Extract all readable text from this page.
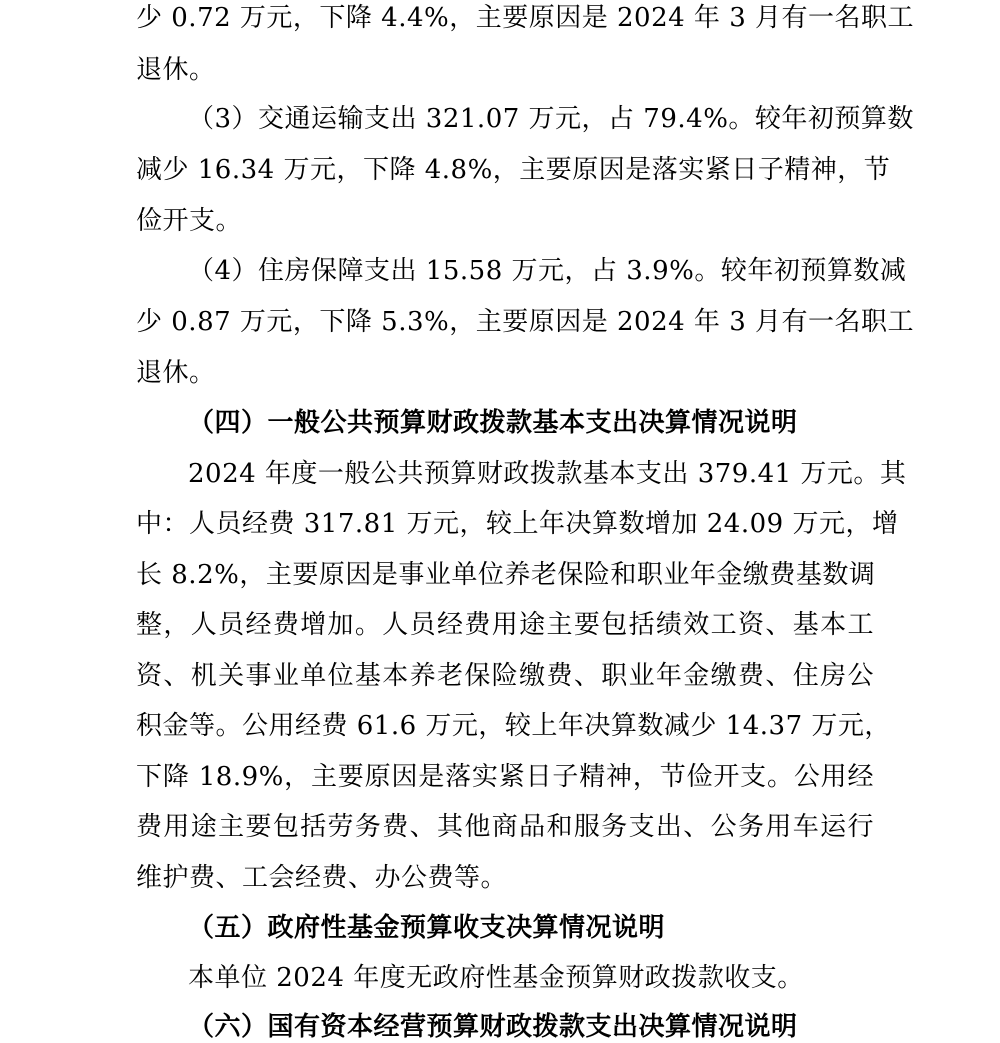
少 0.72 万元，下降 4.4%，主要原因是 2024 年 3 月有一名职工
退休。
（3）交通运输支出 321.07 万元，占 79.4%。较年初预算数
减少 16.34 万元，下降 4.8%，主要原因是落实紧日子精神，节
俭开支。
（4）住房保障支出 15.58 万元，占 3.9%。较年初预算数减
少 0.87 万元，下降 5.3%，主要原因是 2024 年 3 月有一名职工
退休。
（四）一般公共预算财政拨款基本支出决算情况说明
2024 年度一般公共预算财政拨款基本支出 379.41 万元。其
中：人员经费 317.81 万元，较上年决算数增加 24.09 万元，增
长 8.2%，主要原因是事业单位养老保险和职业年金缴费基数调
整，人员经费增加。人员经费用途主要包括绩效工资、基本工
资、机关事业单位基本养老保险缴费、职业年金缴费、住房公
积金等。公用经费 61.6 万元，较上年决算数减少 14.37 万元，
下降 18.9%，主要原因是落实紧日子精神，节俭开支。公用经
费用途主要包括劳务费、其他商品和服务支出、公务用车运行
维护费、工会经费、办公费等。
（五）政府性基金预算收支决算情况说明
本单位 2024 年度无政府性基金预算财政拨款收支。
（六）国有资本经营预算财政拨款支出决算情况说明
